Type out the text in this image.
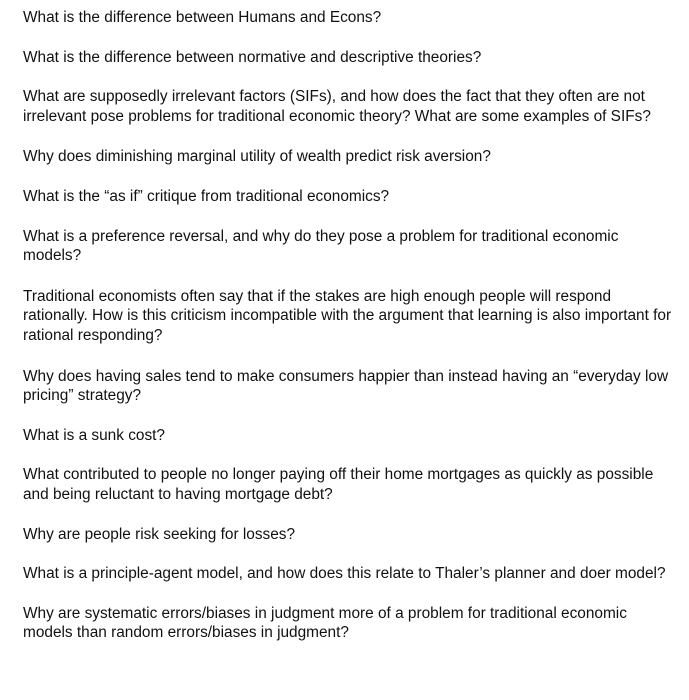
What is the difference between Humans and Econs?

What is the difference between normative and descriptive theories?

What are supposedly irrelevant factors (SIFs), and how does the fact that they often are not irrelevant pose problems for traditional economic theory? What are some examples of SIFs?

Why does diminishing marginal utility of wealth predict risk aversion?

What is the “as if” critique from traditional economics?

What is a preference reversal, and why do they pose a problem for traditional economic models?

Traditional economists often say that if the stakes are high enough people will respond rationally. How is this criticism incompatible with the argument that learning is also important for rational responding?

Why does having sales tend to make consumers happier than instead having an “everyday low pricing” strategy?

What is a sunk cost?

What contributed to people no longer paying off their home mortgages as quickly as possible and being reluctant to having mortgage debt?

Why are people risk seeking for losses?

What is a principle-agent model, and how does this relate to Thaler’s planner and doer model?

Why are systematic errors/biases in judgment more of a problem for traditional economic models than random errors/biases in judgment?
